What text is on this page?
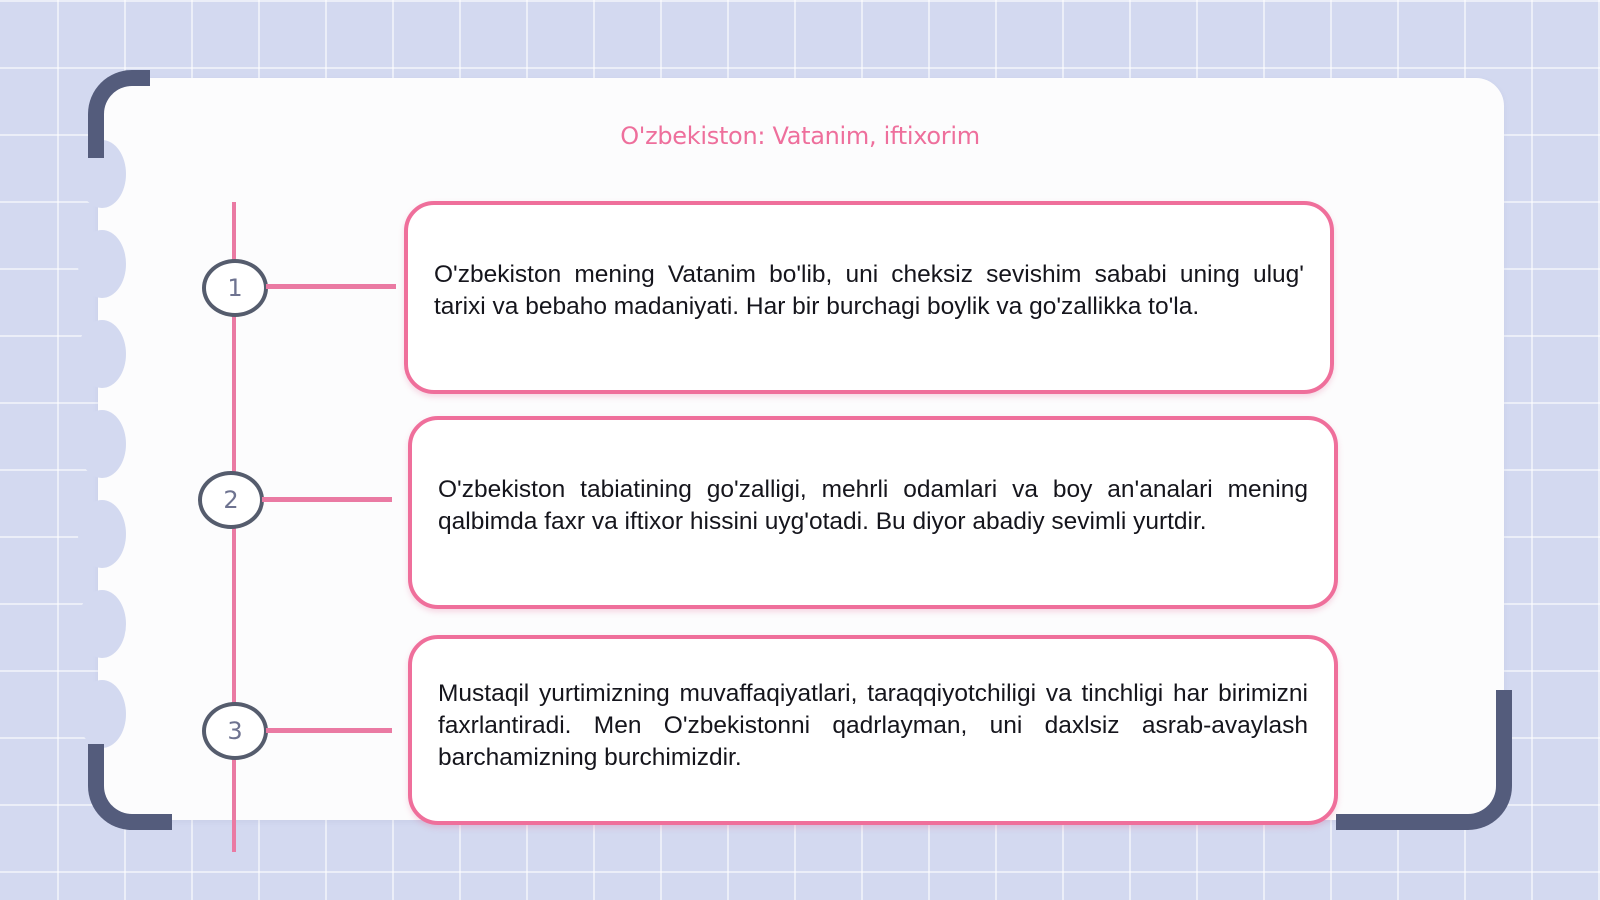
O'zbekiston: Vatanim, iftixorim
1	O'zbekiston mening Vatanim bo'lib, uni cheksiz sevishim sababi uning ulug' tarixi va bebaho madaniyati. Har bir burchagi boylik va go'zallikka to'la.

2	O'zbekiston tabiatining go'zalligi, mehrli odamlari va boy an'analari mening qalbimda faxr va iftixor hissini uyg'otadi. Bu diyor abadiy sevimli yurtdir.

3

Mustaqil yurtimizning muvaffaqiyatlari, taraqqiyotchiligi va tinchligi har birimizni faxrlantiradi. Men O'zbekistonni qadrlayman, uni daxlsiz asrab-avaylash barchamizning burchimizdir.
